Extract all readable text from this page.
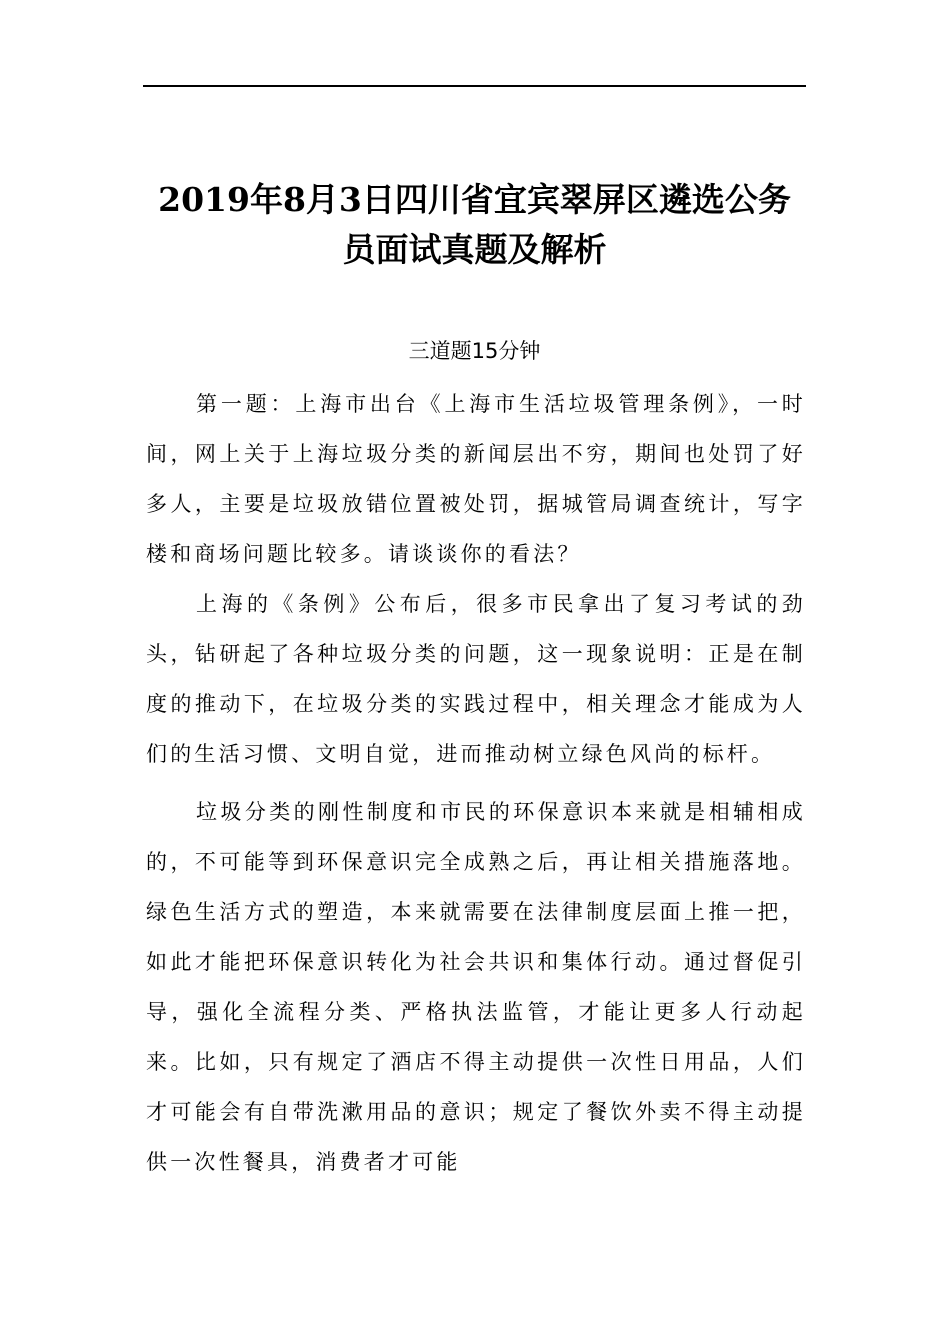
2019年8月3日四川省宜宾翠屏区遴选公务员面试真题及解析
三道题15分钟

第一题：上海市出台《上海市生活垃圾管理条例》，一时间，网上关于上海垃圾分类的新闻层出不穷，期间也处罚了好多人，主要是垃圾放错位置被处罚，据城管局调查统计，写字楼和商场问题比较多。请谈谈你的看法？

上海的《条例》公布后，很多市民拿出了复习考试的劲头，钻研起了各种垃圾分类的问题，这一现象说明：正是在制度的推动下，在垃圾分类的实践过程中，相关理念才能成为人们的生活习惯、文明自觉，进而推动树立绿色风尚的标杆。

垃圾分类的刚性制度和市民的环保意识本来就是相辅相成的，不可能等到环保意识完全成熟之后，再让相关措施落地。绿色生活方式的塑造，本来就需要在法律制度层面上推一把，如此才能把环保意识转化为社会共识和集体行动。通过督促引导，强化全流程分类、严格执法监管，才能让更多人行动起来。比如，只有规定了酒店不得主动提供一次性日用品，人们才可能会有自带洗漱用品的意识；规定了餐饮外卖不得主动提供一次性餐具，消费者才可能
